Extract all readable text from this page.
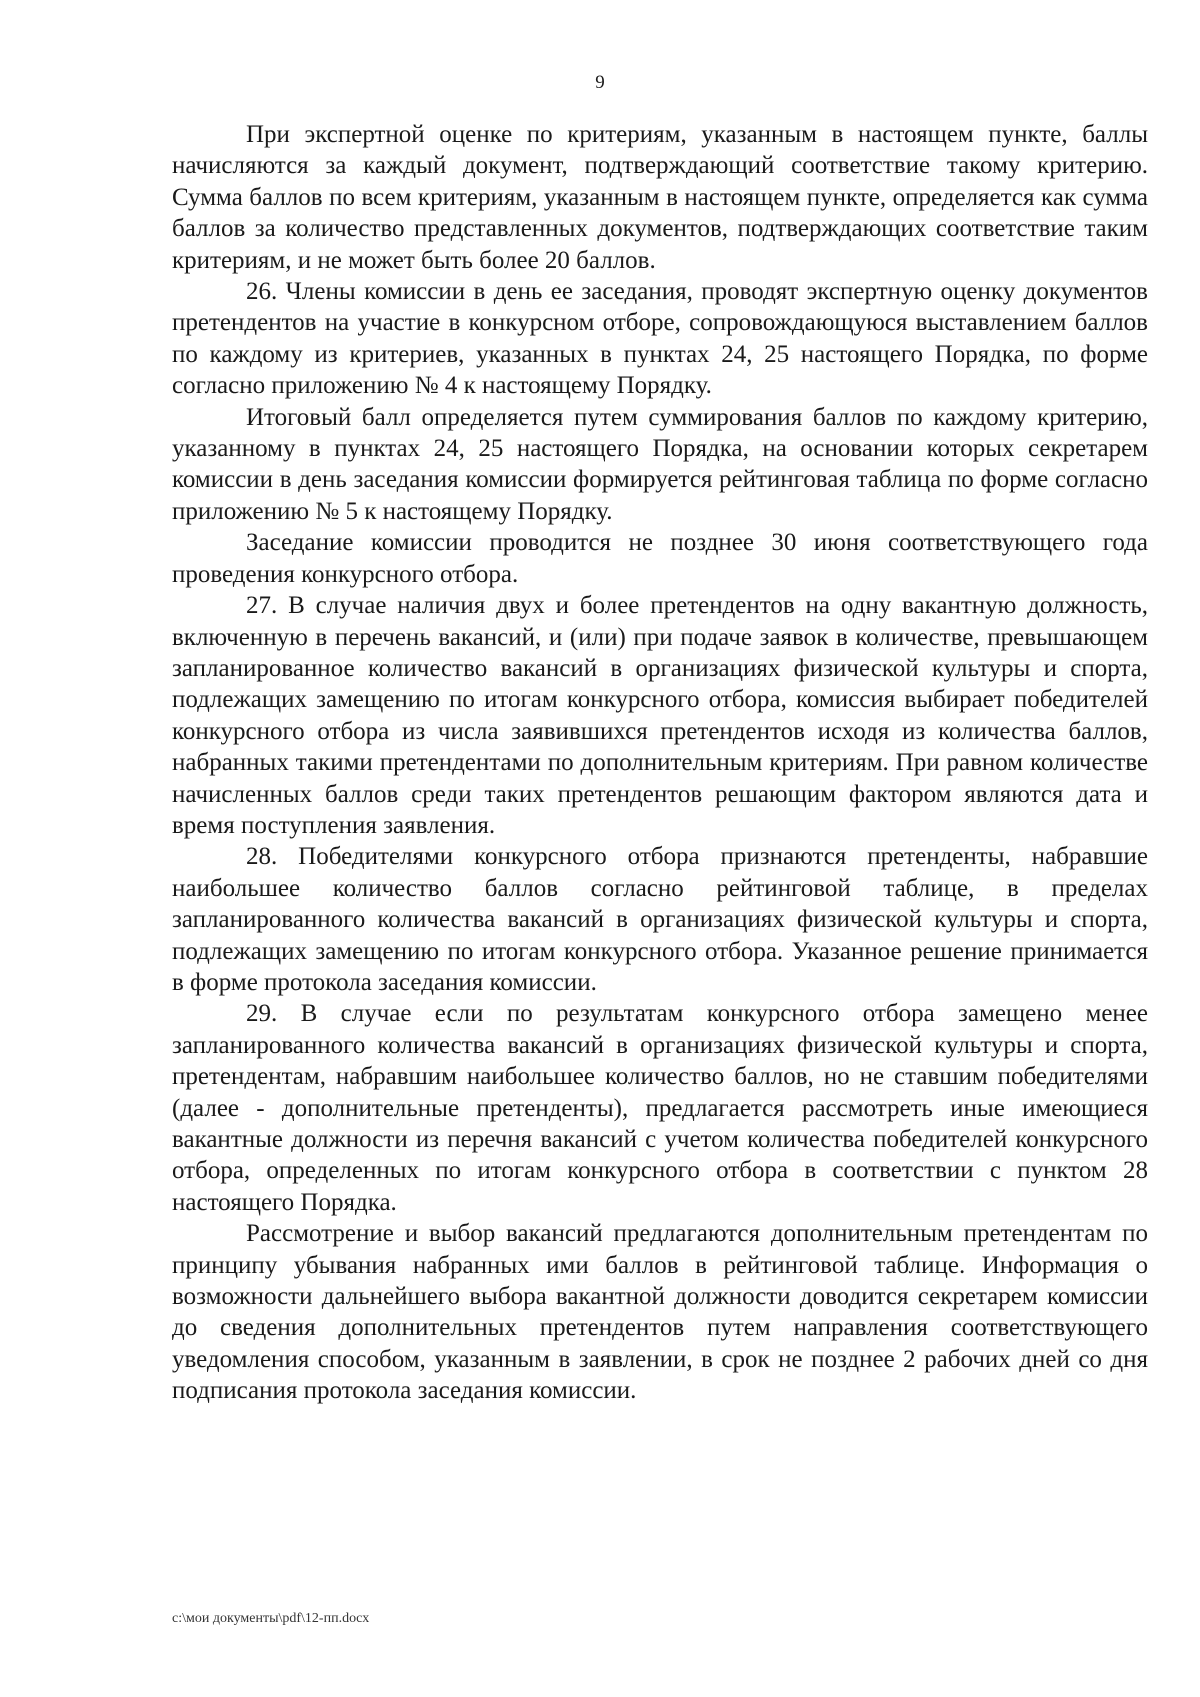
9

При экспертной оценке по критериям, указанным в настоящем пункте, баллы начисляются за каждый документ, подтверждающий соответствие такому критерию. Сумма баллов по всем критериям, указанным в настоящем пункте, определяется как сумма баллов за количество представленных документов, подтверждающих соответствие таким критериям, и не может быть более 20 баллов.

26. Члены комиссии в день ее заседания, проводят экспертную оценку документов претендентов на участие в конкурсном отборе, сопровождающуюся выставлением баллов по каждому из критериев, указанных в пунктах 24, 25 настоящего Порядка, по форме согласно приложению № 4 к настоящему Порядку.

Итоговый балл определяется путем суммирования баллов по каждому критерию, указанному в пунктах 24, 25 настоящего Порядка, на основании которых секретарем комиссии в день заседания комиссии формируется рейтинговая таблица по форме согласно приложению № 5 к настоящему Порядку.

Заседание комиссии проводится не позднее 30 июня соответствующего года проведения конкурсного отбора.

27. В случае наличия двух и более претендентов на одну вакантную должность, включенную в перечень вакансий, и (или) при подаче заявок в количестве, превышающем запланированное количество вакансий в организациях физической культуры и спорта, подлежащих замещению по итогам конкурсного отбора, комиссия выбирает победителей конкурсного отбора из числа заявившихся претендентов исходя из количества баллов, набранных такими претендентами по дополнительным критериям. При равном количестве начисленных баллов среди таких претендентов решающим фактором являются дата и время поступления заявления.

28. Победителями конкурсного отбора признаются претенденты, набравшие наибольшее количество баллов согласно рейтинговой таблице, в пределах запланированного количества вакансий в организациях физической культуры и спорта, подлежащих замещению по итогам конкурсного отбора. Указанное решение принимается в форме протокола заседания комиссии.

29. В случае если по результатам конкурсного отбора замещено менее запланированного количества вакансий в организациях физической культуры и спорта, претендентам, набравшим наибольшее количество баллов, но не ставшим победителями (далее - дополнительные претенденты), предлагается рассмотреть иные имеющиеся вакантные должности из перечня вакансий с учетом количества победителей конкурсного отбора, определенных по итогам конкурсного отбора в соответствии с пунктом 28 настоящего Порядка.

Рассмотрение и выбор вакансий предлагаются дополнительным претендентам по принципу убывания набранных ими баллов в рейтинговой таблице. Информация о возможности дальнейшего выбора вакантной должности доводится секретарем комиссии до сведения дополнительных претендентов путем направления соответствующего уведомления способом, указанным в заявлении, в срок не позднее 2 рабочих дней со дня подписания протокола заседания комиссии.

c:\мои документы\pdf\12-пп.docx
